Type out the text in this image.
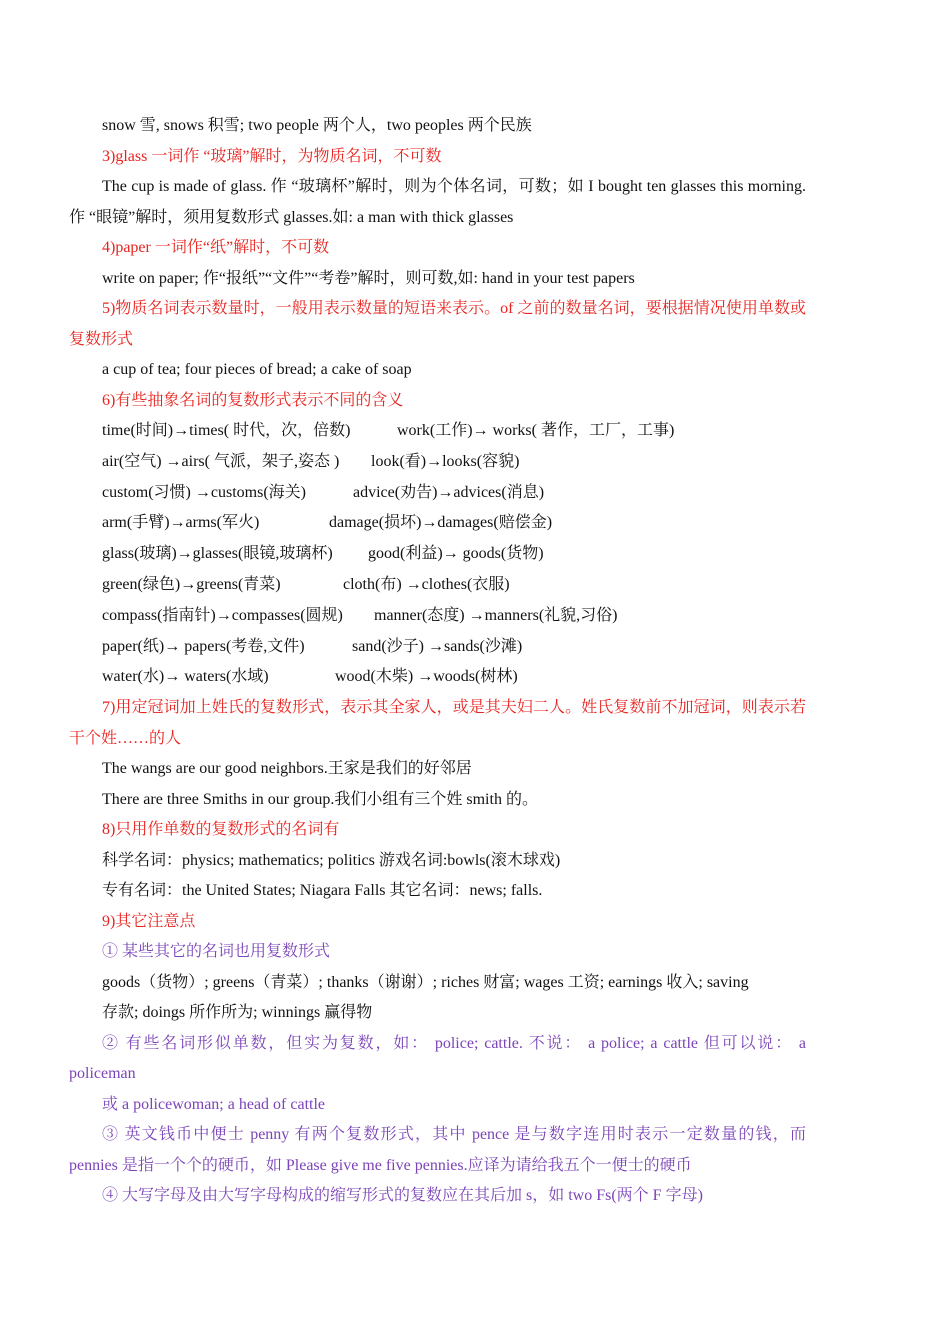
snow 雪, snows 积雪; two people 两个人，two peoples 两个民族

3)glass 一词作 “玻璃”解时，为物质名词，不可数

The cup is made of glass. 作 “玻璃杯”解时，则为个体名词，可数；如 I bought ten glasses this morning. 作 “眼镜”解时，须用复数形式 glasses.如: a man with thick glasses

4)paper 一词作“纸”解时，不可数

write on paper; 作“报纸”“文件”“考卷”解时，则可数,如: hand in your test papers

5)物质名词表示数量时，一般用表示数量的短语来表示。of 之前的数量名词，要根据情况使用单数或复数形式

a cup of tea; four pieces of bread; a cake of soap

6)有些抽象名词的复数形式表示不同的含义

time(时间)→times( 时代，次，倍数)	work(工作)→ works( 著作，工厂，工事)
air(空气) →airs( 气派，架子,姿态 )	look(看)→looks(容貌)
custom(习惯) →customs(海关)	advice(劝告)→advices(消息)
arm(手臂)→arms(军火)	damage(损坏)→damages(赔偿金)
glass(玻璃)→glasses(眼镜,玻璃杯)	good(利益)→ goods(货物)
green(绿色)→greens(青菜)	cloth(布) →clothes(衣服)
compass(指南针)→compasses(圆规)	manner(态度) →manners(礼貌,习俗)
paper(纸)→ papers(考卷,文件)	sand(沙子) →sands(沙滩)
water(水)→ waters(水域)	wood(木柴) →woods(树林)

7)用定冠词加上姓氏的复数形式，表示其全家人，或是其夫妇二人。姓氏复数前不加冠词，则表示若干个姓……的人

The wangs are our good neighbors.王家是我们的好邻居

There are three Smiths in our group.我们小组有三个姓 smith 的。

8)只用作单数的复数形式的名词有

科学名词：physics; mathematics; politics 游戏名词:bowls(滚木球戏)

专有名词：the United States; Niagara Falls 其它名词：news; falls.

9)其它注意点

① 某些其它的名词也用复数形式

goods（货物）; greens（青菜）; thanks（谢谢）; riches 财富; wages 工资; earnings 收入; saving

存款; doings 所作所为; winnings 赢得物

② 有些名词形似单数，但实为复数，如： police; cattle. 不说： a police; a cattle 但可以说： a policeman

或 a policewoman; a head of cattle

③ 英文钱币中便士 penny 有两个复数形式，其中 pence 是与数字连用时表示一定数量的钱，而 pennies 是指一个个的硬币，如 Please give me five pennies.应译为请给我五个一便士的硬币

④ 大写字母及由大写字母构成的缩写形式的复数应在其后加 s，如 two Fs(两个 F 字母)
